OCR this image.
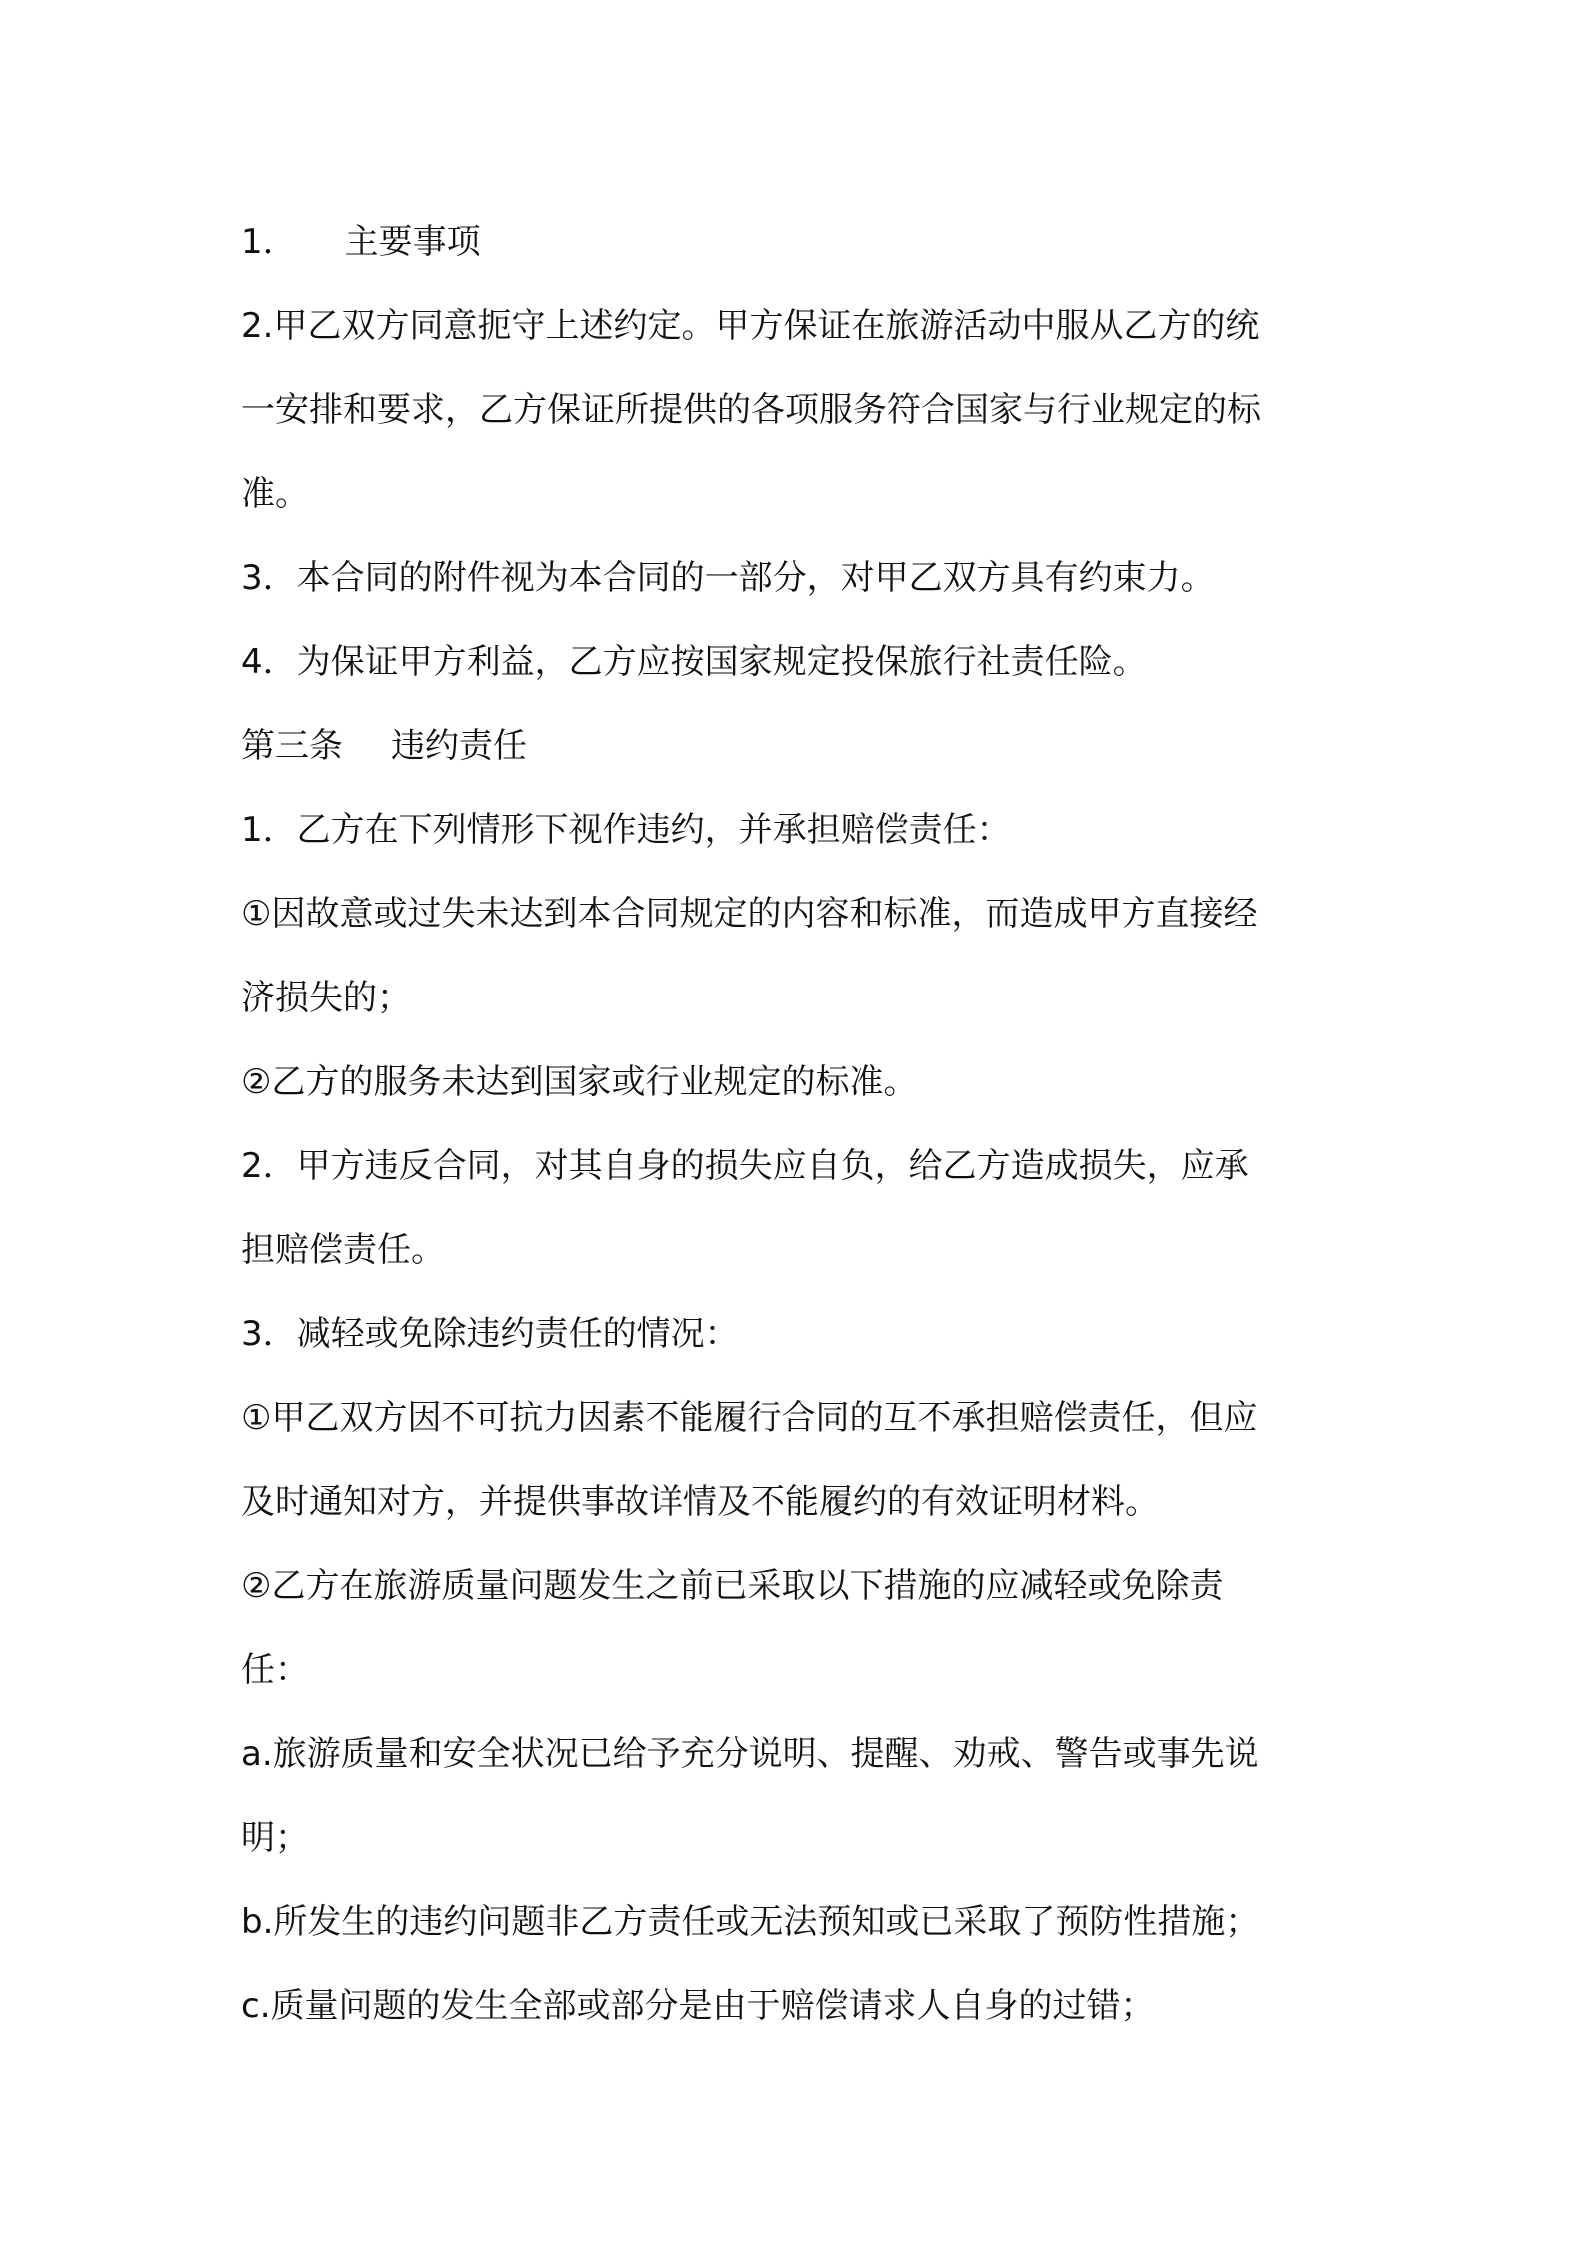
1． 主要事项
2.甲乙双方同意扼守上述约定。甲方保证在旅游活动中服从乙方的统
一安排和要求，乙方保证所提供的各项服务符合国家与行业规定的标
准。
3．本合同的附件视为本合同的一部分，对甲乙双方具有约束力。
4．为保证甲方利益，乙方应按国家规定投保旅行社责任险。
第三条 违约责任
1．乙方在下列情形下视作违约，并承担赔偿责任：
①因故意或过失未达到本合同规定的内容和标准，而造成甲方直接经
济损失的；
②乙方的服务未达到国家或行业规定的标准。
2．甲方违反合同，对其自身的损失应自负，给乙方造成损失，应承
担赔偿责任。
3．减轻或免除违约责任的情况：
①甲乙双方因不可抗力因素不能履行合同的互不承担赔偿责任，但应
及时通知对方，并提供事故详情及不能履约的有效证明材料。
②乙方在旅游质量问题发生之前已采取以下措施的应减轻或免除责
任：
a.旅游质量和安全状况已给予充分说明、提醒、劝戒、警告或事先说
明；
b.所发生的违约问题非乙方责任或无法预知或已采取了预防性措施；
c.质量问题的发生全部或部分是由于赔偿请求人自身的过错；
